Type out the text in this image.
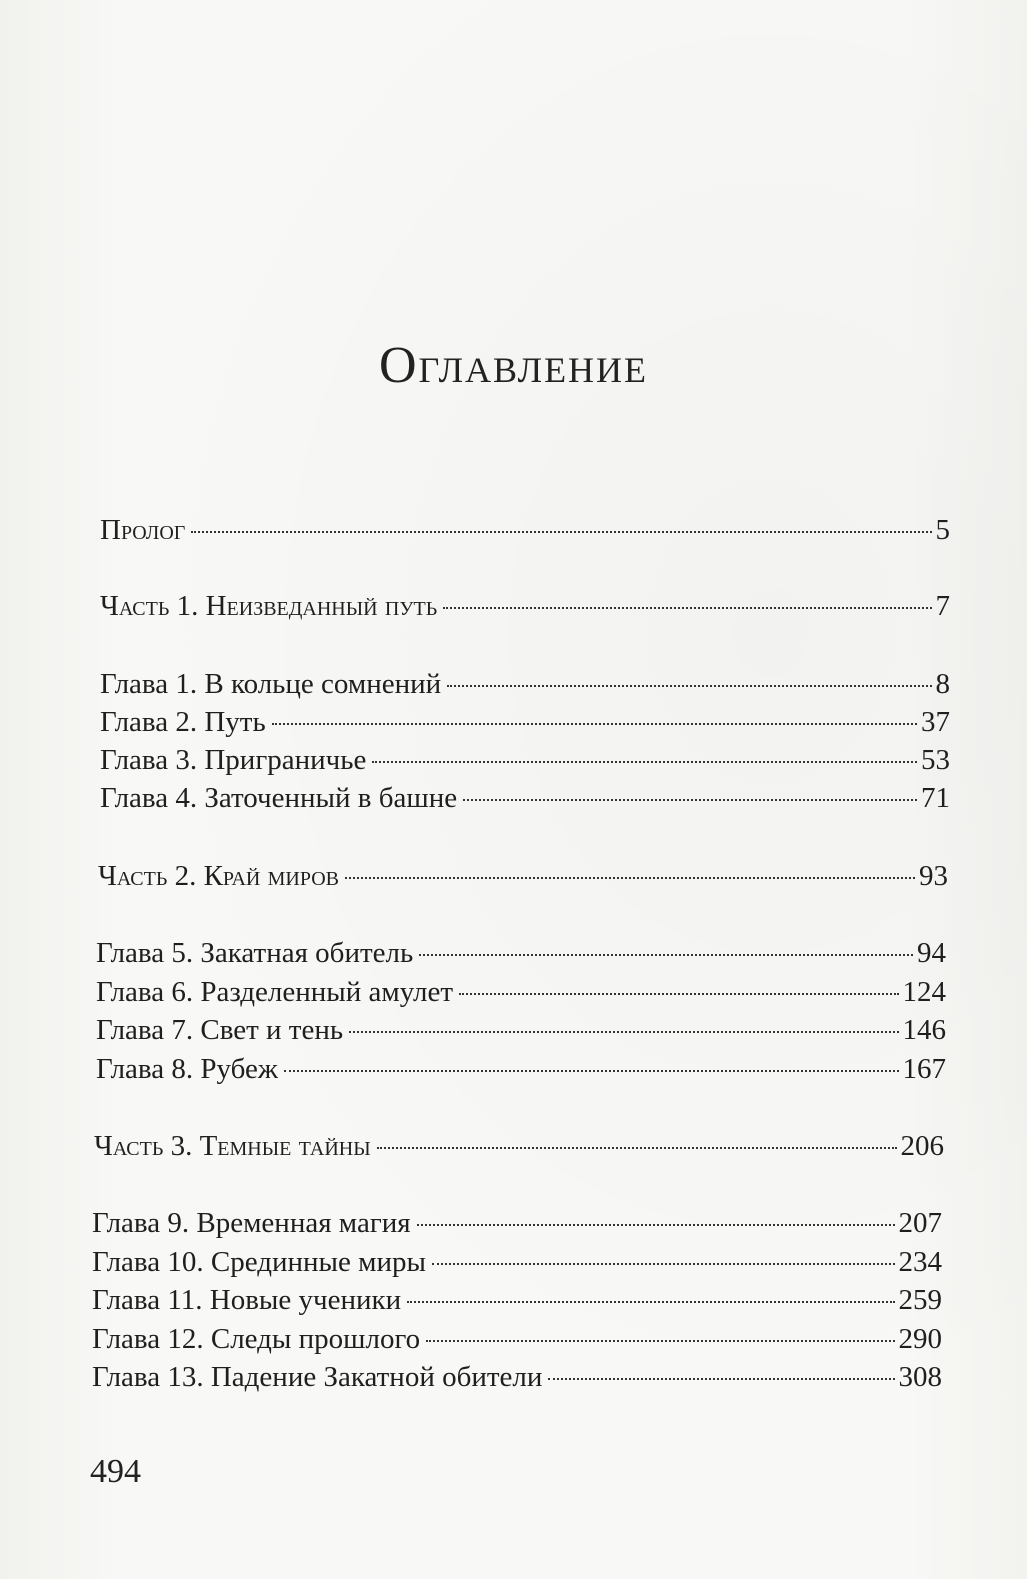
Оглавление
Пролог	5
Часть 1. Неизведанный путь	7
Глава 1. В кольце сомнений	8
Глава 2. Путь	37
Глава 3. Приграничье	53
Глава 4. Заточенный в башне	71
Часть 2. Край миров	93
Глава 5. Закатная обитель	94
Глава 6. Разделенный амулет	124
Глава 7. Свет и тень	146
Глава 8. Рубеж	167
Часть 3. Темные тайны	206
Глава 9. Временная магия	207
Глава 10. Срединные миры	234
Глава 11. Новые ученики	259
Глава 12. Следы прошлого	290
Глава 13. Падение Закатной обители	308
494
